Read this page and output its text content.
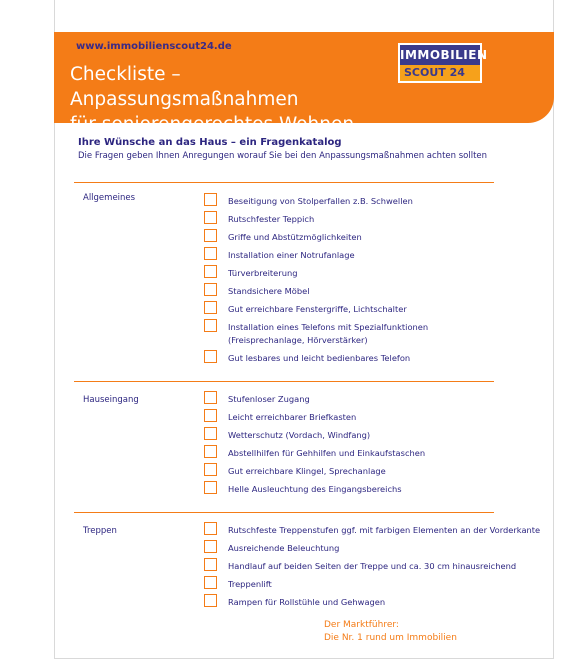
www.immobilienscout24.de
Checkliste – Anpassungsmaßnahmen
für seniorengerechtes Wohnen
IMMOBILIEN
SCOUT 24
Ihre Wünsche an das Haus – ein Fragenkatalog
Die Fragen geben Ihnen Anregungen worauf Sie bei den Anpassungsmaßnahmen achten sollten
Allgemeines	Beseitigung von Stolperfallen z.B. Schwellen
Rutschfester Teppich
Griffe und Abstützmöglichkeiten
Installation einer Notrufanlage
Türverbreiterung
Standsichere Möbel
Gut erreichbare Fenstergriffe, Lichtschalter
Installation eines Telefons mit Spezialfunktionen
(Freisprechanlage, Hörverstärker)
Gut lesbares und leicht bedienbares Telefon
Hauseingang	Stufenloser Zugang
Leicht erreichbarer Briefkasten
Wetterschutz (Vordach, Windfang)
Abstellhilfen für Gehhilfen und Einkaufstaschen
Gut erreichbare Klingel, Sprechanlage
Helle Ausleuchtung des Eingangsbereichs
Treppen	Rutschfeste Treppenstufen ggf. mit farbigen Elementen an der Vorderkante
Ausreichende Beleuchtung
Handlauf auf beiden Seiten der Treppe und ca. 30 cm hinausreichend
Treppenlift
Rampen für Rollstühle und Gehwagen
Der Marktführer:
Die Nr. 1 rund um Immobilien
